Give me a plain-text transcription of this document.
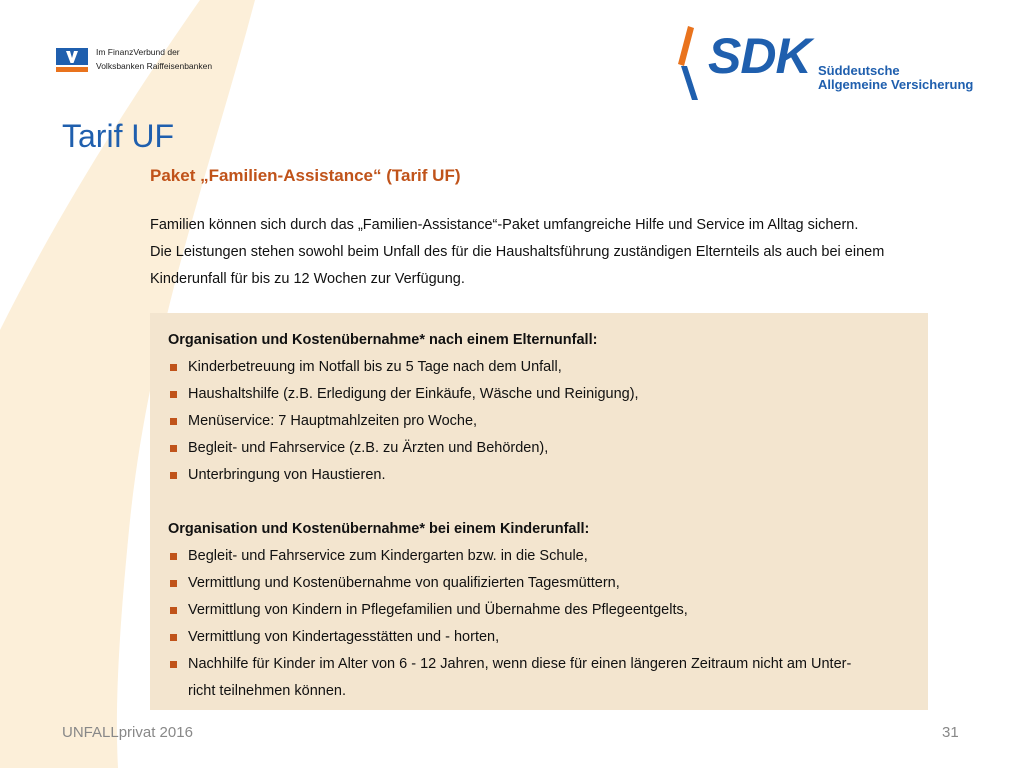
Im FinanzVerbund der
Volksbanken Raiffeisenbanken	SDK Süddeutsche
Allgemeine Versicherung
Tarif UF
Paket „Familien-Assistance“ (Tarif UF)
Familien können sich durch das „Familien-Assistance“-Paket umfangreiche Hilfe und Service im Alltag sichern.
Die Leistungen stehen sowohl beim Unfall des für die Haushaltsführung zuständigen Elternteils als auch bei einem
Kinderunfall für bis zu 12 Wochen zur Verfügung.
Organisation und Kostenübernahme* nach einem Elternunfall:
Kinderbetreuung im Notfall bis zu 5 Tage nach dem Unfall,
Haushaltshilfe (z.B. Erledigung der Einkäufe, Wäsche und Reinigung),
Menüservice: 7 Hauptmahlzeiten pro Woche,
Begleit- und Fahrservice (z.B. zu Ärzten und Behörden),
Unterbringung von Haustieren.
Organisation und Kostenübernahme* bei einem Kinderunfall:
Begleit- und Fahrservice zum Kindergarten bzw. in die Schule,
Vermittlung und Kostenübernahme von qualifizierten Tagesmüttern,
Vermittlung von Kindern in Pflegefamilien und Übernahme des Pflegeentgelts,
Vermittlung von Kindertagesstätten und - horten,
Nachhilfe für Kinder im Alter von 6 - 12 Jahren, wenn diese für einen längeren Zeitraum nicht am Unter-
richt teilnehmen können.
UNFALLprivat 2016	31
